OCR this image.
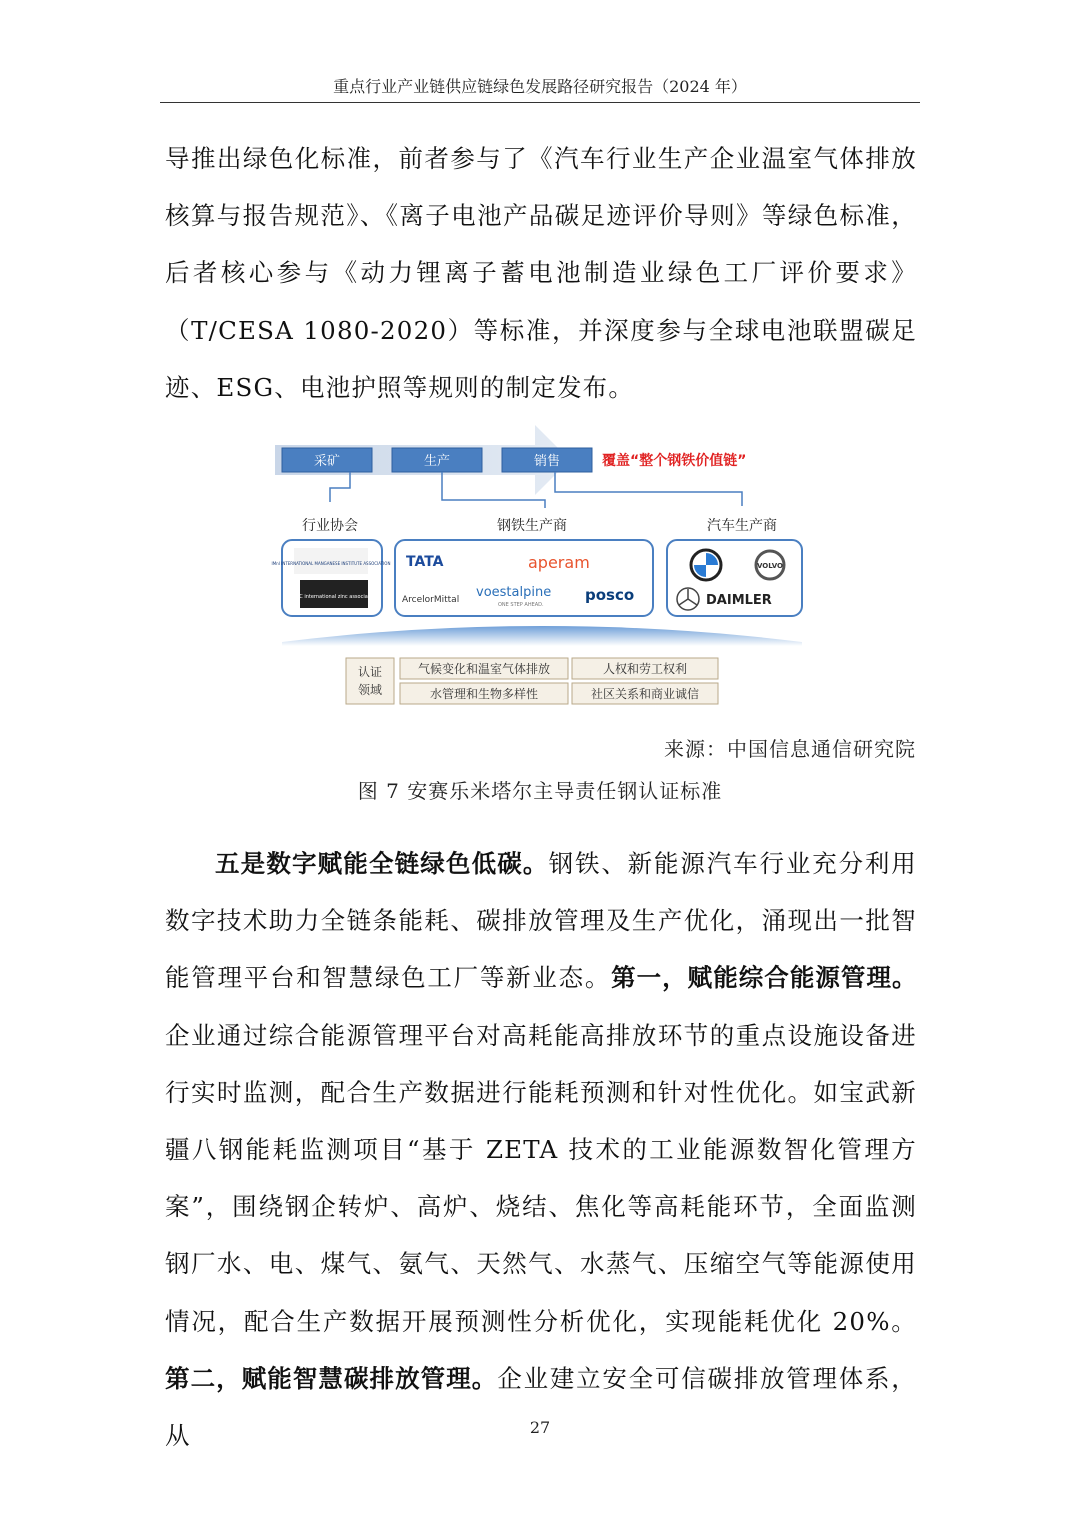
重点行业产业链供应链绿色发展路径研究报告（2024 年）

导推出绿色化标准，前者参与了《汽车行业生产企业温室气体排放核算与报告规范》、《离子电池产品碳足迹评价导则》等绿色标准，后者核心参与《动力锂离子蓄电池制造业绿色工厂评价要求》（T/CESA 1080-2020）等标准，并深度参与全球电池联盟碳足迹、ESG、电池护照等规则的制定发布。

采矿	生产	销售	覆盖“整个钢铁价值链”
行业协会	钢铁生产商	汽车生产商
IMnI INTERNATIONAL MANGANESE INSTITUTE ASSOCIATION
ZINC international zinc association
TATA
ArcelorMittal
aperam
voestalpine
ONE STEP AHEAD.
posco
VOLVO
DAIMLER
认证
领域
气候变化和温室气体排放	人权和劳工权利
水管理和生物多样性	社区关系和商业诚信
来源：中国信息通信研究院
图 7 安赛乐米塔尔主导责任钢认证标准

五是数字赋能全链绿色低碳。钢铁、新能源汽车行业充分利用数字技术助力全链条能耗、碳排放管理及生产优化，涌现出一批智能管理平台和智慧绿色工厂等新业态。第一，赋能综合能源管理。企业通过综合能源管理平台对高耗能高排放环节的重点设施设备进行实时监测，配合生产数据进行能耗预测和针对性优化。如宝武新疆八钢能耗监测项目“基于 ZETA 技术的工业能源数智化管理方案”，围绕钢企转炉、高炉、烧结、焦化等高耗能环节，全面监测钢厂水、电、煤气、氨气、天然气、水蒸气、压缩空气等能源使用情况，配合生产数据开展预测性分析优化，实现能耗优化 20%。第二，赋能智慧碳排放管理。企业建立安全可信碳排放管理体系，从	27
